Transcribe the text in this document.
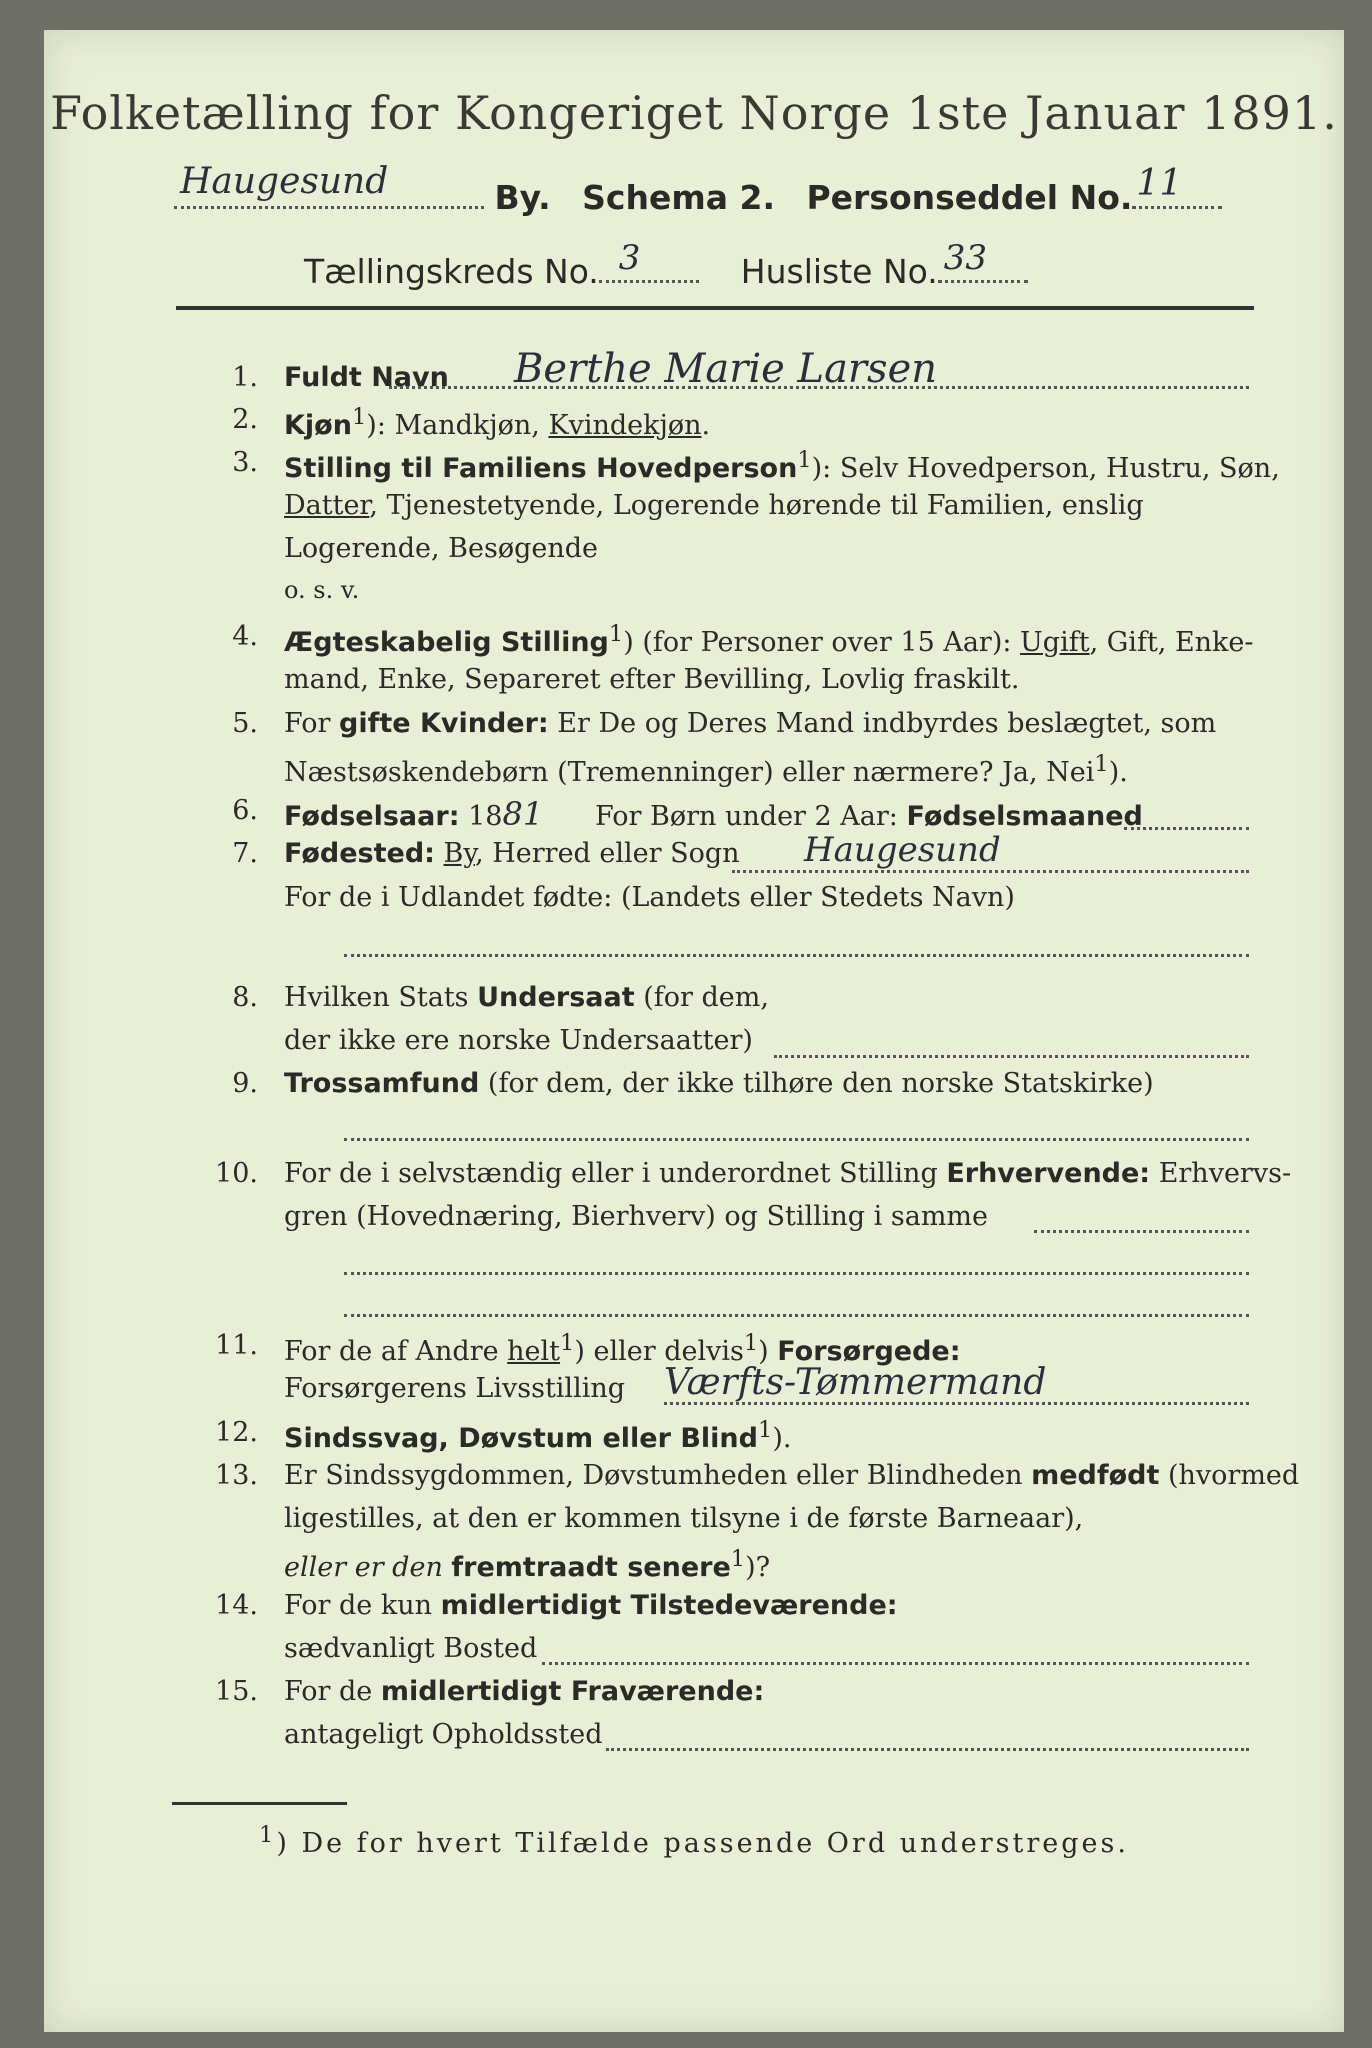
Folketælling for Kongeriget Norge 1ste Januar 1891.
Haugesund	By. Schema 2. Personseddel No. 11
Tællingskreds No. 3	Husliste No. 33
1. Fuldt Navn Berthe Marie Larsen
2. Kjøn$^1$): Mandkjøn, Kvindekjøn.
3. Stilling til Familiens Hovedperson$^1$): Selv Hovedperson, Hustru, Søn,
Datter, Tjenestetyende, Logerende hørende til Familien, enslig
Logerende, Besøgende
o. s. v.
4. Ægteskabelig Stilling$^1$) (for Personer over 15 Aar): Ugift, Gift, Enke-
mand, Enke, Separeret efter Bevilling, Lovlig fraskilt.
5. For gifte Kvinder: Er De og Deres Mand indbyrdes beslægtet, som
Næstsøskendebørn (Tremenninger) eller nærmere? Ja, Nei$^1$).
6. Fødselsaar: 1881 For Børn under 2 Aar: Fødselsmaaned
7. Fødested: By, Herred eller Sogn Haugesund
For de i Udlandet fødte: (Landets eller Stedets Navn)
8. Hvilken Stats Undersaat (for dem,
der ikke ere norske Undersaatter)
9. Trossamfund (for dem, der ikke tilhøre den norske Statskirke)
10. For de i selvstændig eller i underordnet Stilling Erhvervende: Erhvervs-
gren (Hovednæring, Bierhverv) og Stilling i samme
11. For de af Andre helt$^1$) eller delvis$^1$) Forsørgede:
Forsørgerens Livsstilling Værfts-Tømmermand
12. Sindssvag, Døvstum eller Blind$^1$).
13. Er Sindssygdommen, Døvstumheden eller Blindheden medfødt (hvormed
ligestilles, at den er kommen tilsyne i de første Barneaar),
eller er den fremtraadt senere$^1$)?
14. For de kun midlertidigt Tilstedeværende:
sædvanligt Bosted
15. For de midlertidigt Fraværende:
antageligt Opholdssted
$^1$) De for hvert Tilfælde passende Ord understreges.
